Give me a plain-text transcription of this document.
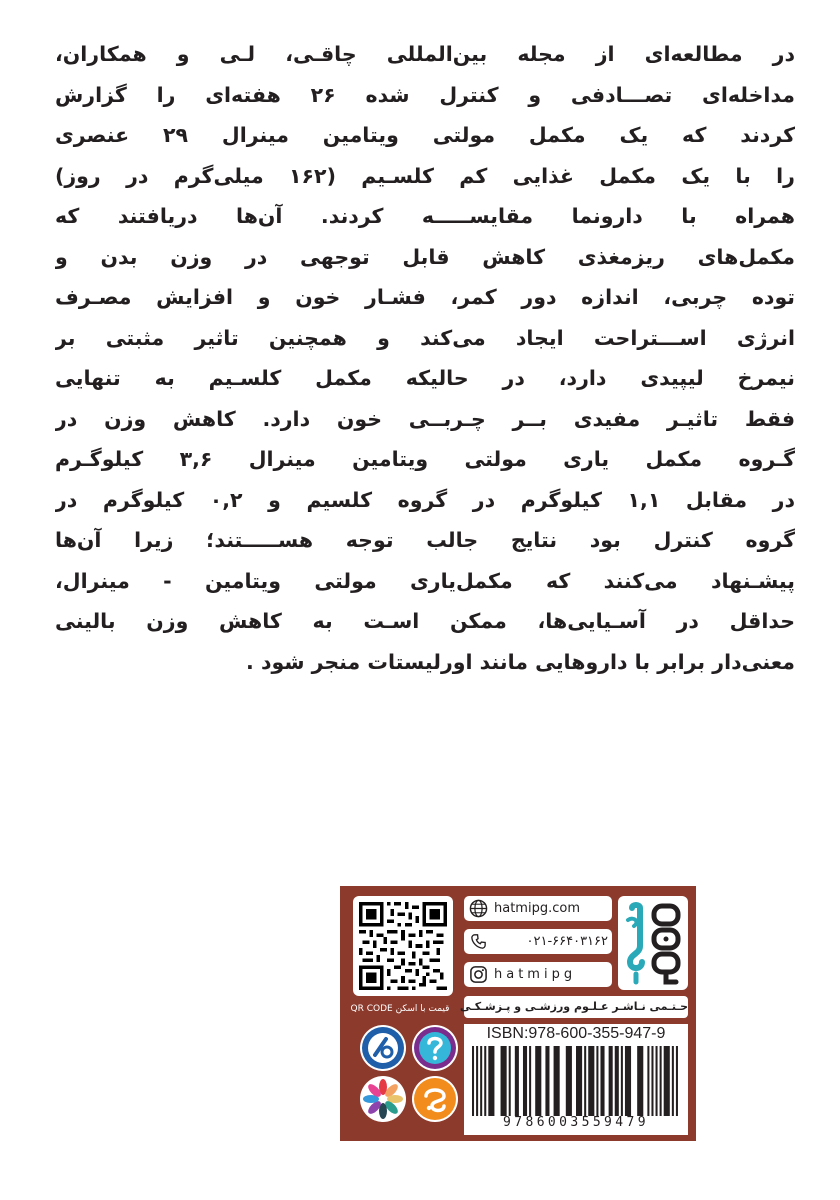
در مطالعه‌ای از مجله بین‌المللی چاقـی، لـی و همکاران،
مداخله‌ای تصـــادفی و کنترل شده ۲۶ هفته‌ای را گزارش
کردند که یک مکمل مولتی ویتامین مینرال ۲۹ عنصری
را با یک مکمل غذایی کم کلسـیم (۱۶۲ میلی‌گرم در روز)
همراه با دارونما مقایســـــه کردند. آن‌ها دریافتند که
مکمل‌های ریزمغذی کاهش قابل توجهی در وزن بدن و
توده چربی، اندازه دور کمر، فشـار خون و افزایش مصـرف
انرژی اســـتراحت ایجاد می‌کند و همچنین تاثیر مثبتی بر
نیمرخ لیپیدی دارد، در حالیکه مکمل کلسـیم به تنهایی
فقط تاثیـر مفیدی بــر چـربــی خون دارد. کاهش وزن در
گـروه مکمل یاری مولتی ویتامین مینرال ۳,۶ کیلوگـرم
در مقابل ۱,۱ کیلوگرم در گروه کلسیم و ۰,۲ کیلوگرم در
گروه کنترل بود نتایج جالب توجه هســـــتند؛ زیرا آن‌ها
پیشـنهاد می‌کنند که مکمل‌یاری مولتی ویتامین - مینرال،
حداقل در آسـیایی‌ها، ممکن اسـت به کاهش وزن بالینی
معنی‌دار برابر با داروهایی مانند اورلیستات منجر شود .
قیمت با اسکن QR CODE
hatmipg.com
۰۲۱-۶۶۴۰۳۱۶۲
hatmipg
حـتـمی نـاشـر عـلـوم ورزشـی و پـزشـکـی
ISBN:978-600-355-947-9
9786003559479
